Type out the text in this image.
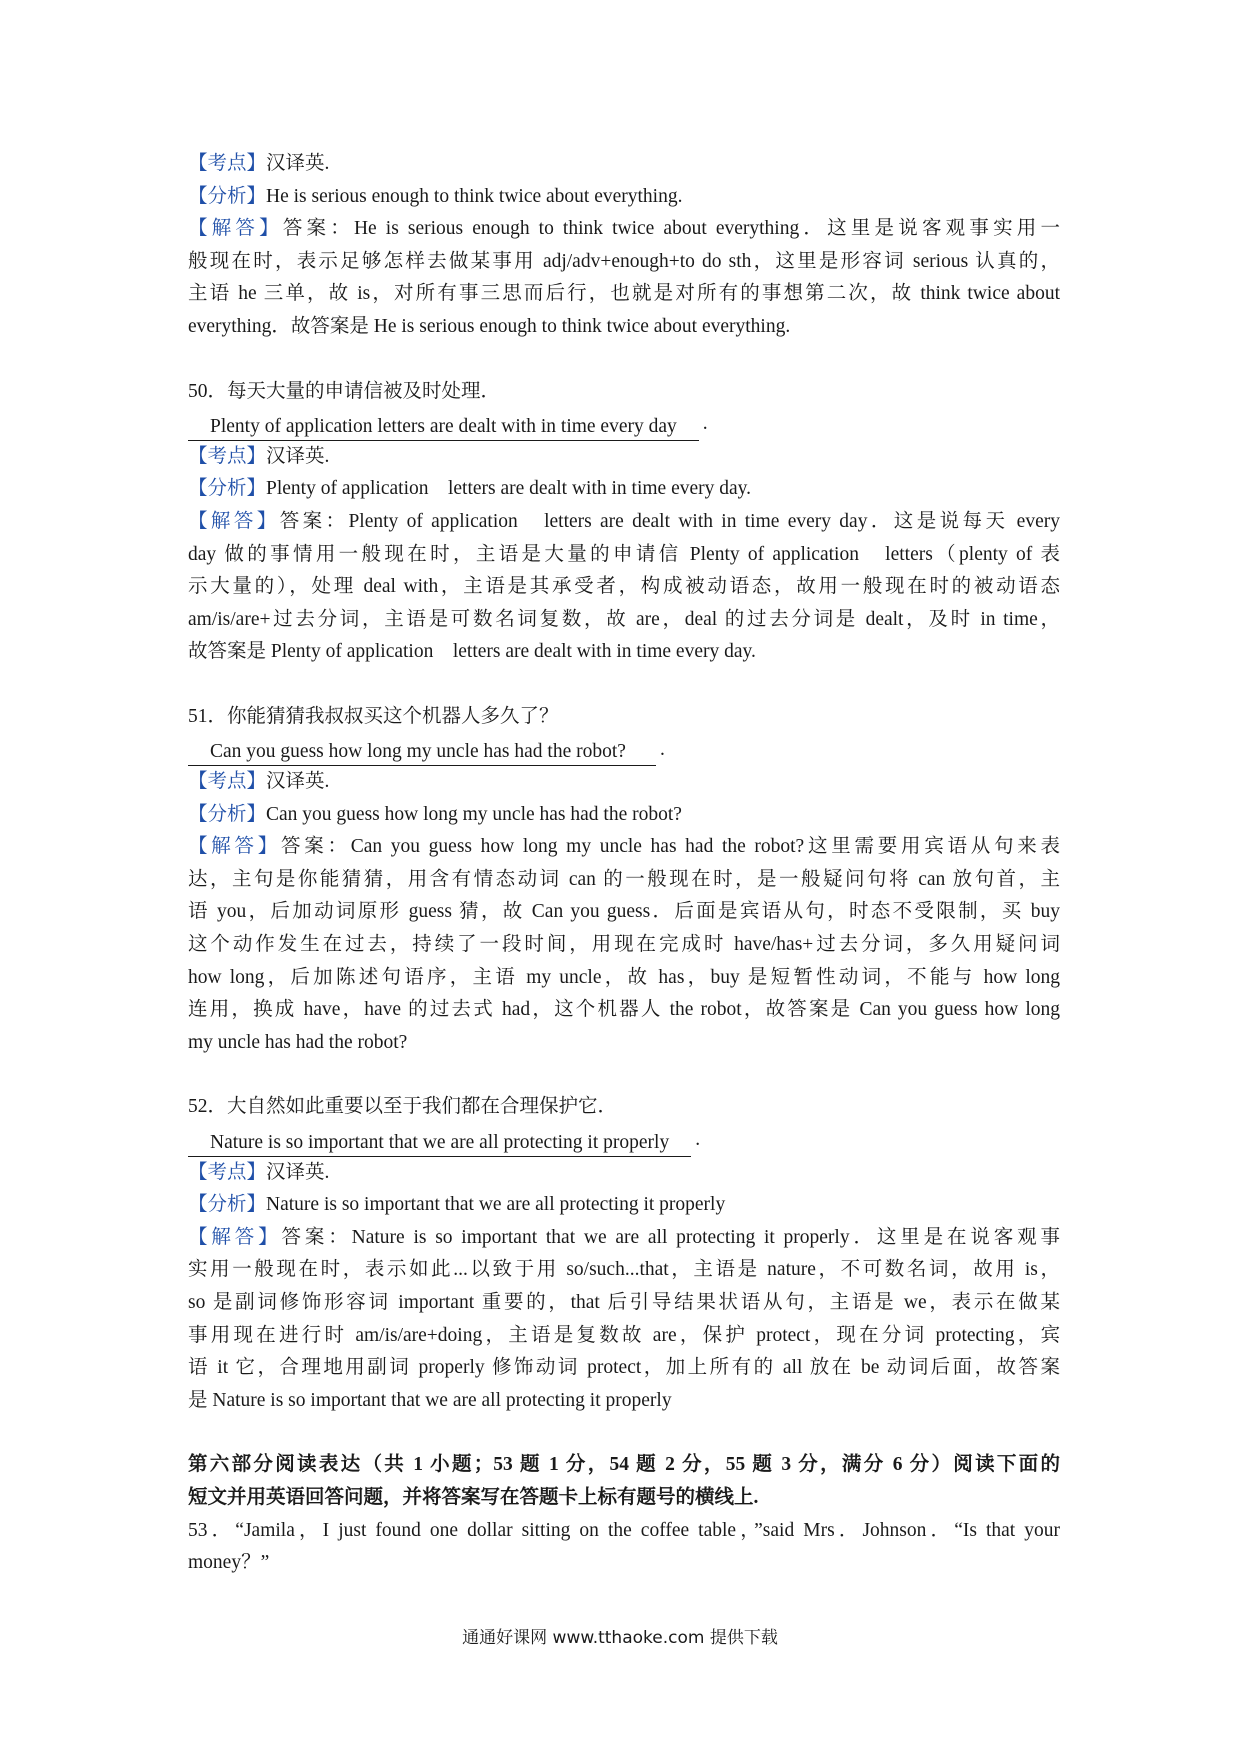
【考点】汉译英.
【分析】He is serious enough to think twice about everything.
【解答】答案：He is serious enough to think twice about everything．这里是说客观事实用一
般现在时，表示足够怎样去做某事用 adj/adv+enough+to do sth，这里是形容词 serious 认真的，
主语 he 三单，故 is，对所有事三思而后行，也就是对所有的事想第二次，故 think twice about
everything．故答案是 He is serious enough to think twice about everything.
50．每天大量的申请信被及时处理．
Plenty of application letters are dealt with in time every day	.
【考点】汉译英.
【分析】Plenty of application　letters are dealt with in time every day.
【解答】答案：Plenty of application　letters are dealt with in time every day．这是说每天 every
day 做的事情用一般现在时，主语是大量的申请信 Plenty of application　letters（plenty of 表
示大量的），处理 deal with，主语是其承受者，构成被动语态，故用一般现在时的被动语态
am/is/are+过去分词，主语是可数名词复数，故 are，deal 的过去分词是 dealt，及时 in time，
故答案是 Plenty of application　letters are dealt with in time every day.
51．你能猜猜我叔叔买这个机器人多久了？
Can you guess how long my uncle has had the robot?	.
【考点】汉译英.
【分析】Can you guess how long my uncle has had the robot?
【解答】答案：Can you guess how long my uncle has had the robot?这里需要用宾语从句来表
达，主句是你能猜猜，用含有情态动词 can 的一般现在时，是一般疑问句将 can 放句首，主
语 you，后加动词原形 guess 猜，故 Can you guess．后面是宾语从句，时态不受限制，买 buy
这个动作发生在过去，持续了一段时间，用现在完成时 have/has+过去分词，多久用疑问词
how long，后加陈述句语序，主语 my uncle，故 has，buy 是短暂性动词，不能与 how long
连用，换成 have，have 的过去式 had，这个机器人 the robot，故答案是 Can you guess how long
my uncle has had the robot?
52．大自然如此重要以至于我们都在合理保护它．
Nature is so important that we are all protecting it properly	.
【考点】汉译英.
【分析】Nature is so important that we are all protecting it properly
【解答】答案：Nature is so important that we are all protecting it properly．这里是在说客观事
实用一般现在时，表示如此...以致于用 so/such...that，主语是 nature，不可数名词，故用 is，
so 是副词修饰形容词 important 重要的，that 后引导结果状语从句，主语是 we，表示在做某
事用现在进行时 am/is/are+doing，主语是复数故 are，保护 protect，现在分词 protecting，宾
语 it 它，合理地用副词 properly 修饰动词 protect，加上所有的 all 放在 be 动词后面，故答案
是 Nature is so important that we are all protecting it properly
第六部分阅读表达（共 1 小题；53 题 1 分，54 题 2 分，55 题 3 分，满分 6 分）阅读下面的
短文并用英语回答问题，并将答案写在答题卡上标有题号的横线上.
53．“Jamila，I just found one dollar sitting on the coffee table，”said Mrs．Johnson．“Is that your
money？”
通通好课网 www.tthaoke.com 提供下载
